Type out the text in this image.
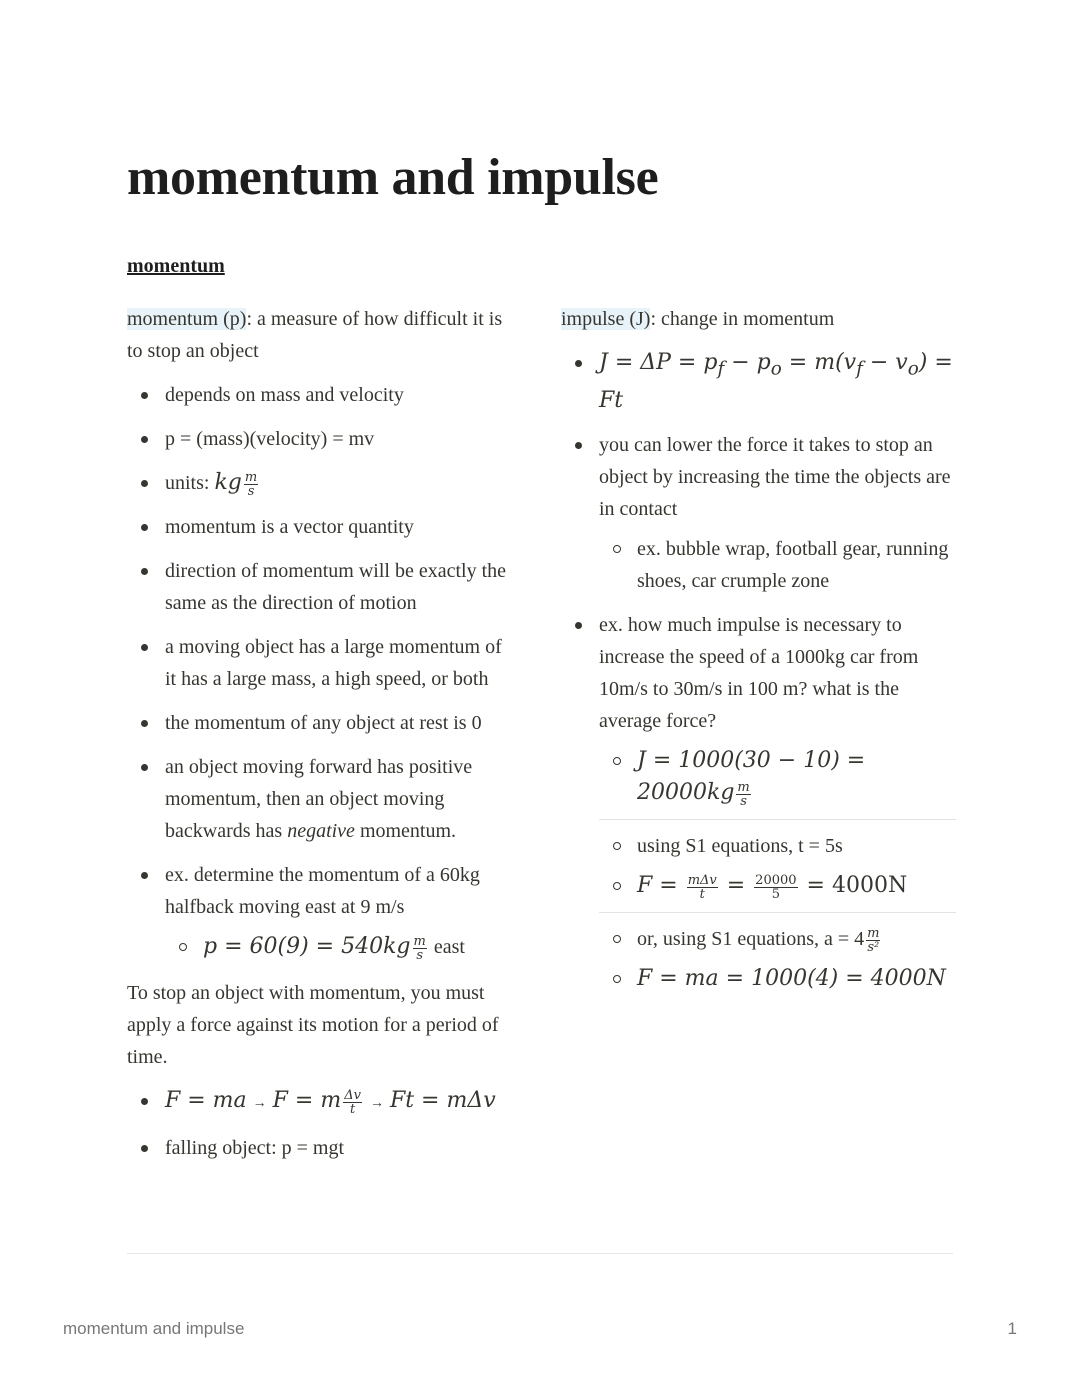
momentum and impulse
momentum

momentum (p): a measure of how difficult it is to stop an object

depends on mass and velocity
p = (mass)(velocity) = mv
units: kg $\frac{m}{s}$
momentum is a vector quantity
direction of momentum will be exactly the same as the direction of motion
a moving object has a large momentum of it has a large mass, a high speed, or both
the momentum of any object at rest is 0
an object moving forward has positive momentum, then an object moving backwards has negative momentum.
ex. determine the momentum of a 60kg halfback moving east at 9 m/s
$p = 60(9) = 540kg \frac{m}{s}$ east

To stop an object with momentum, you must apply a force against its motion for a period of time.

F = ma → F = m $\frac{\Delta v}{t} \to Ft = m\Delta v$
falling object: p = mgt

impulse (J): change in momentum

$J = \Delta P = p_f - p_o = m(v_f - v_o) = Ft$
you can lower the force it takes to stop an object by increasing the time the objects are in contact
ex. bubble wrap, football gear, running shoes, car crumple zone
ex. how much impulse is necessary to increase the speed of a 1000kg car from 10m/s to 30m/s in 100 m? what is the average force?
$J = 1000(30 - 10) = 20000kg \frac{m}{s}$
using S1 equations, t = 5s
$F = \frac{\text{mΔv}}{t} = \frac{20000}{5} = 4000N$
or, using S1 equations, $a = 4 \frac{m}{\text{s²}}$
F = ma = 1000(4) = 4000N
momentum and impulse	1
